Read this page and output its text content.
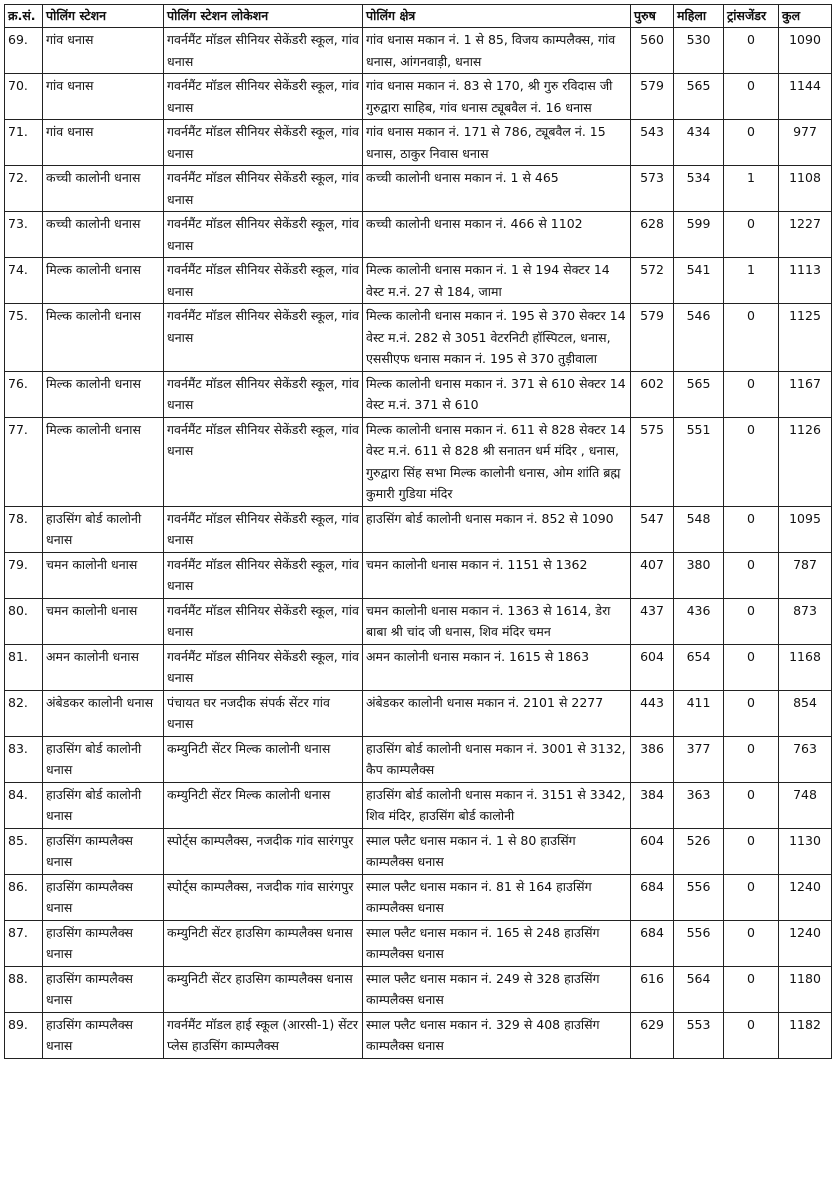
क्र.सं.	पोलिंग स्टेशन	पोलिंग स्टेशन लोकेशन	पोलिंग क्षेत्र	पुरुष	महिला	ट्रांसजेंडर	कुल
69.	गांव धनास	गवर्नमैंट मॉडल सीनियर सेकेंडरी स्कूल, गांव धनास	गांव धनास मकान नं. 1 से 85, विजय काम्पलैक्स, गांव धनास, आंगनवाड़ी, धनास	560	530	0	1090
70.	गांव धनास	गवर्नमैंट मॉडल सीनियर सेकेंडरी स्कूल, गांव धनास	गांव धनास मकान नं. 83 से 170, श्री गुरु रविदास जी गुरुद्वारा साहिब, गांव धनास ट्यूबवैल नं. 16 धनास	579	565	0	1144
71.	गांव धनास	गवर्नमैंट मॉडल सीनियर सेकेंडरी स्कूल, गांव धनास	गांव धनास मकान नं. 171 से 786, ट्यूबवैल नं. 15 धनास, ठाकुर निवास धनास	543	434	0	977
72.	कच्ची कालोनी धनास	गवर्नमैंट मॉडल सीनियर सेकेंडरी स्कूल, गांव धनास	कच्ची कालोनी धनास मकान नं. 1 से 465	573	534	1	1108
73.	कच्ची कालोनी धनास	गवर्नमैंट मॉडल सीनियर सेकेंडरी स्कूल, गांव धनास	कच्ची कालोनी धनास मकान नं. 466 से 1102	628	599	0	1227
74.	मिल्क कालोनी धनास	गवर्नमैंट मॉडल सीनियर सेकेंडरी स्कूल, गांव धनास	मिल्क कालोनी धनास मकान नं. 1 से 194 सेक्टर 14 वेस्ट म.नं. 27 से 184, जामा	572	541	1	1113
75.	मिल्क कालोनी धनास	गवर्नमैंट मॉडल सीनियर सेकेंडरी स्कूल, गांव धनास	मिल्क कालोनी धनास मकान नं. 195 से 370 सेक्टर 14 वेस्ट म.नं. 282 से 3051 वेटरनिटी हॉस्पिटल, धनास, एससीएफ धनास मकान नं. 195 से 370 तुड़ीवाला	579	546	0	1125
76.	मिल्क कालोनी धनास	गवर्नमैंट मॉडल सीनियर सेकेंडरी स्कूल, गांव धनास	मिल्क कालोनी धनास मकान नं. 371 से 610 सेक्टर 14 वेस्ट म.नं. 371 से 610	602	565	0	1167
77.	मिल्क कालोनी धनास	गवर्नमैंट मॉडल सीनियर सेकेंडरी स्कूल, गांव धनास	मिल्क कालोनी धनास मकान नं. 611 से 828 सेक्टर 14 वेस्ट म.नं. 611 से 828 श्री सनातन धर्म मंदिर , धनास, गुरुद्वारा सिंह सभा मिल्क कालोनी धनास, ओम शांति ब्रह्म कुमारी गुडिया मंदिर	575	551	0	1126
78.	हाउसिंग बोर्ड कालोनी धनास	गवर्नमैंट मॉडल सीनियर सेकेंडरी स्कूल, गांव धनास	हाउसिंग बोर्ड कालोनी धनास मकान नं. 852 से 1090	547	548	0	1095
79.	चमन कालोनी धनास	गवर्नमैंट मॉडल सीनियर सेकेंडरी स्कूल, गांव धनास	चमन कालोनी धनास मकान नं. 1151 से 1362	407	380	0	787
80.	चमन कालोनी धनास	गवर्नमैंट मॉडल सीनियर सेकेंडरी स्कूल, गांव धनास	चमन कालोनी धनास मकान नं. 1363 से 1614, डेरा बाबा श्री चांद जी धनास, शिव मंदिर चमन	437	436	0	873
81.	अमन कालोनी धनास	गवर्नमैंट मॉडल सीनियर सेकेंडरी स्कूल, गांव धनास	अमन कालोनी धनास मकान नं. 1615 से 1863	604	654	0	1168
82.	अंबेडकर कालोनी धनास	पंचायत घर नजदीक संपर्क सेंटर गांव धनास	अंबेडकर कालोनी धनास मकान नं. 2101 से 2277	443	411	0	854
83.	हाउसिंग बोर्ड कालोनी धनास	कम्युनिटी सेंटर मिल्क कालोनी धनास	हाउसिंग बोर्ड कालोनी धनास मकान नं. 3001 से 3132, कैप काम्पलैक्स	386	377	0	763
84.	हाउसिंग बोर्ड कालोनी धनास	कम्युनिटी सेंटर मिल्क कालोनी धनास	हाउसिंग बोर्ड कालोनी धनास मकान नं. 3151 से 3342, शिव मंदिर, हाउसिंग बोर्ड कालोनी	384	363	0	748
85.	हाउसिंग काम्पलैक्स धनास	स्पोर्ट्स काम्पलैक्स, नजदीक गांव सारंगपुर	स्माल फ्लैट धनास मकान नं. 1 से 80 हाउसिंग काम्पलैक्स धनास	604	526	0	1130
86.	हाउसिंग काम्पलैक्स धनास	स्पोर्ट्स काम्पलैक्स, नजदीक गांव सारंगपुर	स्माल फ्लैट धनास मकान नं. 81 से 164 हाउसिंग काम्पलैक्स धनास	684	556	0	1240
87.	हाउसिंग काम्पलैक्स धनास	कम्युनिटी सेंटर हाउसिग काम्पलैक्स धनास	स्माल फ्लैट धनास मकान नं. 165 से 248 हाउसिंग काम्पलैक्स धनास	684	556	0	1240
88.	हाउसिंग काम्पलैक्स धनास	कम्युनिटी सेंटर हाउसिग काम्पलैक्स धनास	स्माल फ्लैट धनास मकान नं. 249 से 328 हाउसिंग काम्पलैक्स धनास	616	564	0	1180
89.	हाउसिंग काम्पलैक्स धनास	गवर्नमैंट मॉडल हाई स्कूल (आरसी-1) सेंटर प्लेस हाउसिंग काम्पलैक्स	स्माल फ्लैट धनास मकान नं. 329 से 408 हाउसिंग काम्पलैक्स धनास	629	553	0	1182
